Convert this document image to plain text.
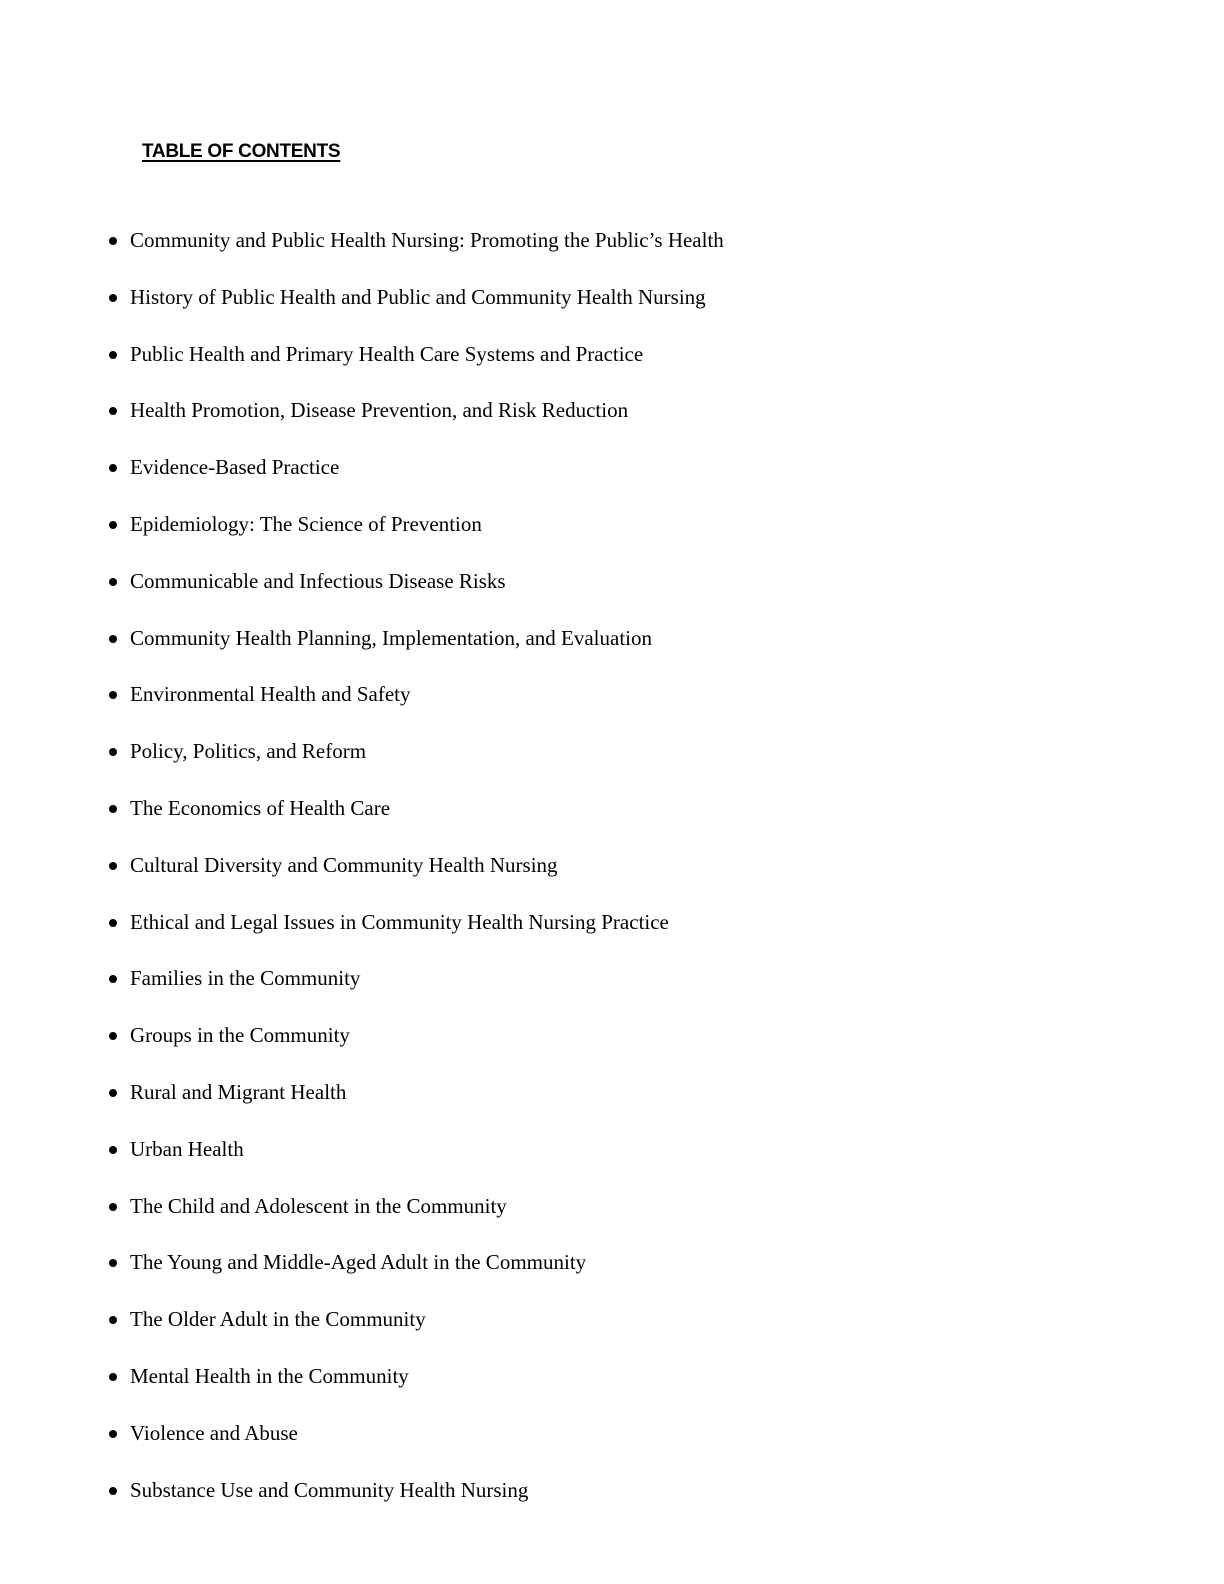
TABLE OF CONTENTS
Community and Public Health Nursing: Promoting the Public’s Health
History of Public Health and Public and Community Health Nursing
Public Health and Primary Health Care Systems and Practice
Health Promotion, Disease Prevention, and Risk Reduction
Evidence-Based Practice
Epidemiology: The Science of Prevention
Communicable and Infectious Disease Risks
Community Health Planning, Implementation, and Evaluation
Environmental Health and Safety
Policy, Politics, and Reform
The Economics of Health Care
Cultural Diversity and Community Health Nursing
Ethical and Legal Issues in Community Health Nursing Practice
Families in the Community
Groups in the Community
Rural and Migrant Health
Urban Health
The Child and Adolescent in the Community
The Young and Middle-Aged Adult in the Community
The Older Adult in the Community
Mental Health in the Community
Violence and Abuse
Substance Use and Community Health Nursing
